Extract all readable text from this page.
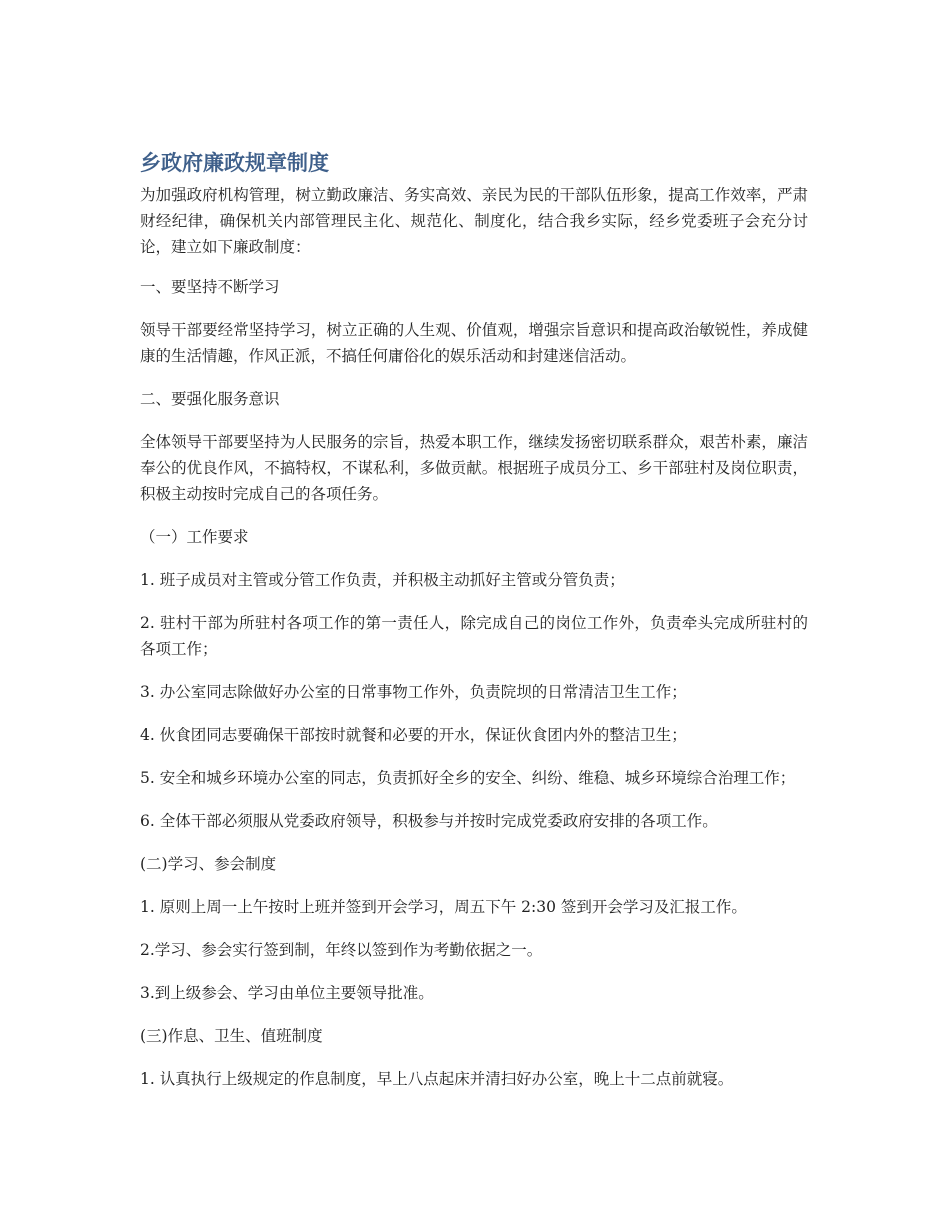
乡政府廉政规章制度

为加强政府机构管理，树立勤政廉洁、务实高效、亲民为民的干部队伍形象，提高工作效率，严肃财经纪律，确保机关内部管理民主化、规范化、制度化，结合我乡实际，经乡党委班子会充分讨论，建立如下廉政制度：

一、要坚持不断学习

领导干部要经常坚持学习，树立正确的人生观、价值观，增强宗旨意识和提高政治敏锐性，养成健康的生活情趣，作风正派，不搞任何庸俗化的娱乐活动和封建迷信活动。

二、要强化服务意识

全体领导干部要坚持为人民服务的宗旨，热爱本职工作，继续发扬密切联系群众，艰苦朴素，廉洁奉公的优良作风，不搞特权，不谋私利，多做贡献。根据班子成员分工、乡干部驻村及岗位职责，积极主动按时完成自己的各项任务。

（一）工作要求

1. 班子成员对主管或分管工作负责，并积极主动抓好主管或分管负责；

2. 驻村干部为所驻村各项工作的第一责任人，除完成自己的岗位工作外，负责牵头完成所驻村的各项工作；

3. 办公室同志除做好办公室的日常事物工作外，负责院坝的日常清洁卫生工作；

4. 伙食团同志要确保干部按时就餐和必要的开水，保证伙食团内外的整洁卫生；

5. 安全和城乡环境办公室的同志，负责抓好全乡的安全、纠纷、维稳、城乡环境综合治理工作；

6. 全体干部必须服从党委政府领导，积极参与并按时完成党委政府安排的各项工作。

(二)学习、参会制度

1. 原则上周一上午按时上班并签到开会学习，周五下午 2:30 签到开会学习及汇报工作。

2.学习、参会实行签到制，年终以签到作为考勤依据之一。

3.到上级参会、学习由单位主要领导批准。

(三)作息、卫生、值班制度

1. 认真执行上级规定的作息制度，早上八点起床并清扫好办公室，晚上十二点前就寝。
